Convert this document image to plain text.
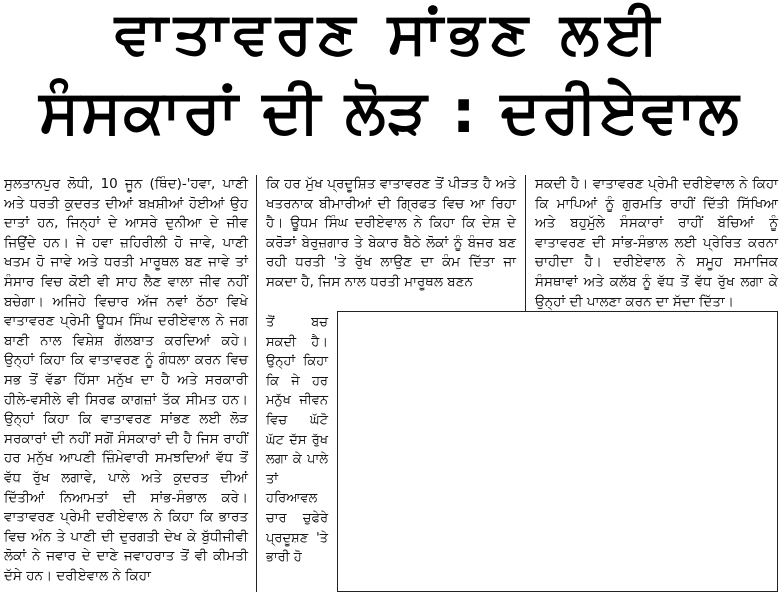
ਵਾਤਾਵਰਣ ਸਾਂਭਣ ਲਈ
ਸੰਸਕਾਰਾਂ ਦੀ ਲੋੜ : ਦਰੀਏਵਾਲ

ਸੁਲਤਾਨਪੁਰ ਲੋਧੀ, 10 ਜੂਨ (ਥਿੰਦ)-'ਹਵਾ, ਪਾਣੀ ਅਤੇ ਧਰਤੀ ਕੁਦਰਤ ਦੀਆਂ ਬਖ਼ਸ਼ੀਆਂ ਹੋਈਆਂ ਉਹ ਦਾਤਾਂ ਹਨ, ਜਿਨ੍ਹਾਂ ਦੇ ਆਸਰੇ ਦੁਨੀਆ ਦੇ ਜੀਵ ਜਿਉਂਦੇ ਹਨ। ਜੇ ਹਵਾ ਜ਼ਹਿਰੀਲੀ ਹੋ ਜਾਵੇ, ਪਾਣੀ ਖਤਮ ਹੋ ਜਾਵੇ ਅਤੇ ਧਰਤੀ ਮਾਰੂਥਲ ਬਣ ਜਾਵੇ ਤਾਂ ਸੰਸਾਰ ਵਿਚ ਕੋਈ ਵੀ ਸਾਹ ਲੈਣ ਵਾਲਾ ਜੀਵ ਨਹੀਂ ਬਚੇਗਾ। ਅਜਿਹੇ ਵਿਚਾਰ ਅੱਜ ਨਵਾਂ ਠੱਠਾ ਵਿਖੇ ਵਾਤਾਵਰਣ ਪ੍ਰੇਮੀ ਊਧਮ ਸਿੰਘ ਦਰੀਏਵਾਲ ਨੇ ਜਗ ਬਾਣੀ ਨਾਲ ਵਿਸ਼ੇਸ਼ ਗੱਲਬਾਤ ਕਰਦਿਆਂ ਕਹੇ। ਉਨ੍ਹਾਂ ਕਿਹਾ ਕਿ ਵਾਤਾਵਰਣ ਨੂੰ ਗੰਧਲਾ ਕਰਨ ਵਿਚ ਸਭ ਤੋਂ ਵੱਡਾ ਹਿੱਸਾ ਮਨੁੱਖ ਦਾ ਹੈ ਅਤੇ ਸਰਕਾਰੀ ਹੀਲੇ-ਵਸੀਲੇ ਵੀ ਸਿਰਫ ਕਾਗਜ਼ਾਂ ਤੱਕ ਸੀਮਤ ਹਨ। ਉਨ੍ਹਾਂ ਕਿਹਾ ਕਿ ਵਾਤਾਵਰਣ ਸਾਂਭਣ ਲਈ ਲੋੜ ਸਰਕਾਰਾਂ ਦੀ ਨਹੀਂ ਸਗੋਂ ਸੰਸਕਾਰਾਂ ਦੀ ਹੈ ਜਿਸ ਰਾਹੀਂ ਹਰ ਮਨੁੱਖ ਆਪਣੀ ਜ਼ਿੰਮੇਵਾਰੀ ਸਮਝਦਿਆਂ ਵੱਧ ਤੋਂ ਵੱਧ ਰੁੱਖ ਲਗਾਵੇ, ਪਾਲੇ ਅਤੇ ਕੁਦਰਤ ਦੀਆਂ ਦਿੱਤੀਆਂ ਨਿਆਮਤਾਂ ਦੀ ਸਾਂਭ-ਸੰਭਾਲ ਕਰੇ। ਵਾਤਾਵਰਣ ਪ੍ਰੇਮੀ ਦਰੀਏਵਾਲ ਨੇ ਕਿਹਾ ਕਿ ਭਾਰਤ ਵਿਚ ਅੰਨ ਤੇ ਪਾਣੀ ਦੀ ਦੁਰਗਤੀ ਦੇਖ ਕੇ ਬੁੱਧੀਜੀਵੀ ਲੋਕਾਂ ਨੇ ਜਵਾਰ ਦੇ ਦਾਣੇ ਜਵਾਹਰਾਤ ਤੋਂ ਵੀ ਕੀਮਤੀ ਦੱਸੇ ਹਨ। ਦਰੀਏਵਾਲ ਨੇ ਕਿਹਾ

ਕਿ ਹਰ ਮੁੱਖ ਪ੍ਰਦੂਸ਼ਿਤ ਵਾਤਾਵਰਣ ਤੋਂ ਪੀੜਤ ਹੈ ਅਤੇ ਖਤਰਨਾਕ ਬੀਮਾਰੀਆਂ ਦੀ ਗ੍ਰਿਫਤ ਵਿਚ ਆ ਰਿਹਾ ਹੈ। ਊਧਮ ਸਿੰਘ ਦਰੀਏਵਾਲ ਨੇ ਕਿਹਾ ਕਿ ਦੇਸ਼ ਦੇ ਕਰੋੜਾਂ ਬੇਰੁਜ਼ਗਾਰ ਤੇ ਬੇਕਾਰ ਬੈਠੇ ਲੋਕਾਂ ਨੂੰ ਬੰਜਰ ਬਣ ਰਹੀ ਧਰਤੀ 'ਤੇ ਰੁੱਖ ਲਾਉਣ ਦਾ ਕੰਮ ਦਿੱਤਾ ਜਾ ਸਕਦਾ ਹੈ, ਜਿਸ ਨਾਲ ਧਰਤੀ ਮਾਰੂਥਲ ਬਣਨ

ਤੋਂ ਬਚ ਸਕਦੀ ਹੈ। ਉਨ੍ਹਾਂ ਕਿਹਾ ਕਿ ਜੇ ਹਰ ਮਨੁੱਖ ਜੀਵਨ ਵਿਚ ਘੱਟੋ ਘੱਟ ਦੱਸ ਰੁੱਖ ਲਗਾ ਕੇ ਪਾਲੇ ਤਾਂ ਹਰਿਆਵਲ ਚਾਰ ਚੁਫੇਰੇ ਪ੍ਰਦੂਸ਼ਣ 'ਤੇ ਭਾਰੀ ਹੋ

ਸਕਦੀ ਹੈ। ਵਾਤਾਵਰਣ ਪ੍ਰੇਮੀ ਦਰੀਏਵਾਲ ਨੇ ਕਿਹਾ ਕਿ ਮਾਪਿਆਂ ਨੂੰ ਗੁਰਮਤਿ ਰਾਹੀਂ ਦਿੱਤੀ ਸਿੱਖਿਆ ਅਤੇ ਬਹੁਮੁੱਲੇ ਸੰਸਕਾਰਾਂ ਰਾਹੀਂ ਬੱਚਿਆਂ ਨੂੰ ਵਾਤਾਵਰਣ ਦੀ ਸਾਂਭ-ਸੰਭਾਲ ਲਈ ਪ੍ਰੇਰਿਤ ਕਰਨਾ ਚਾਹੀਦਾ ਹੈ। ਦਰੀਏਵਾਲ ਨੇ ਸਮੂਹ ਸਮਾਜਿਕ ਸੰਸਥਾਵਾਂ ਅਤੇ ਕਲੱਬ ਨੂੰ ਵੱਧ ਤੋਂ ਵੱਧ ਰੁੱਖ ਲਗਾ ਕੇ ਉਨ੍ਹਾਂ ਦੀ ਪਾਲਣਾ ਕਰਨ ਦਾ ਸੱਦਾ ਦਿੱਤਾ।
